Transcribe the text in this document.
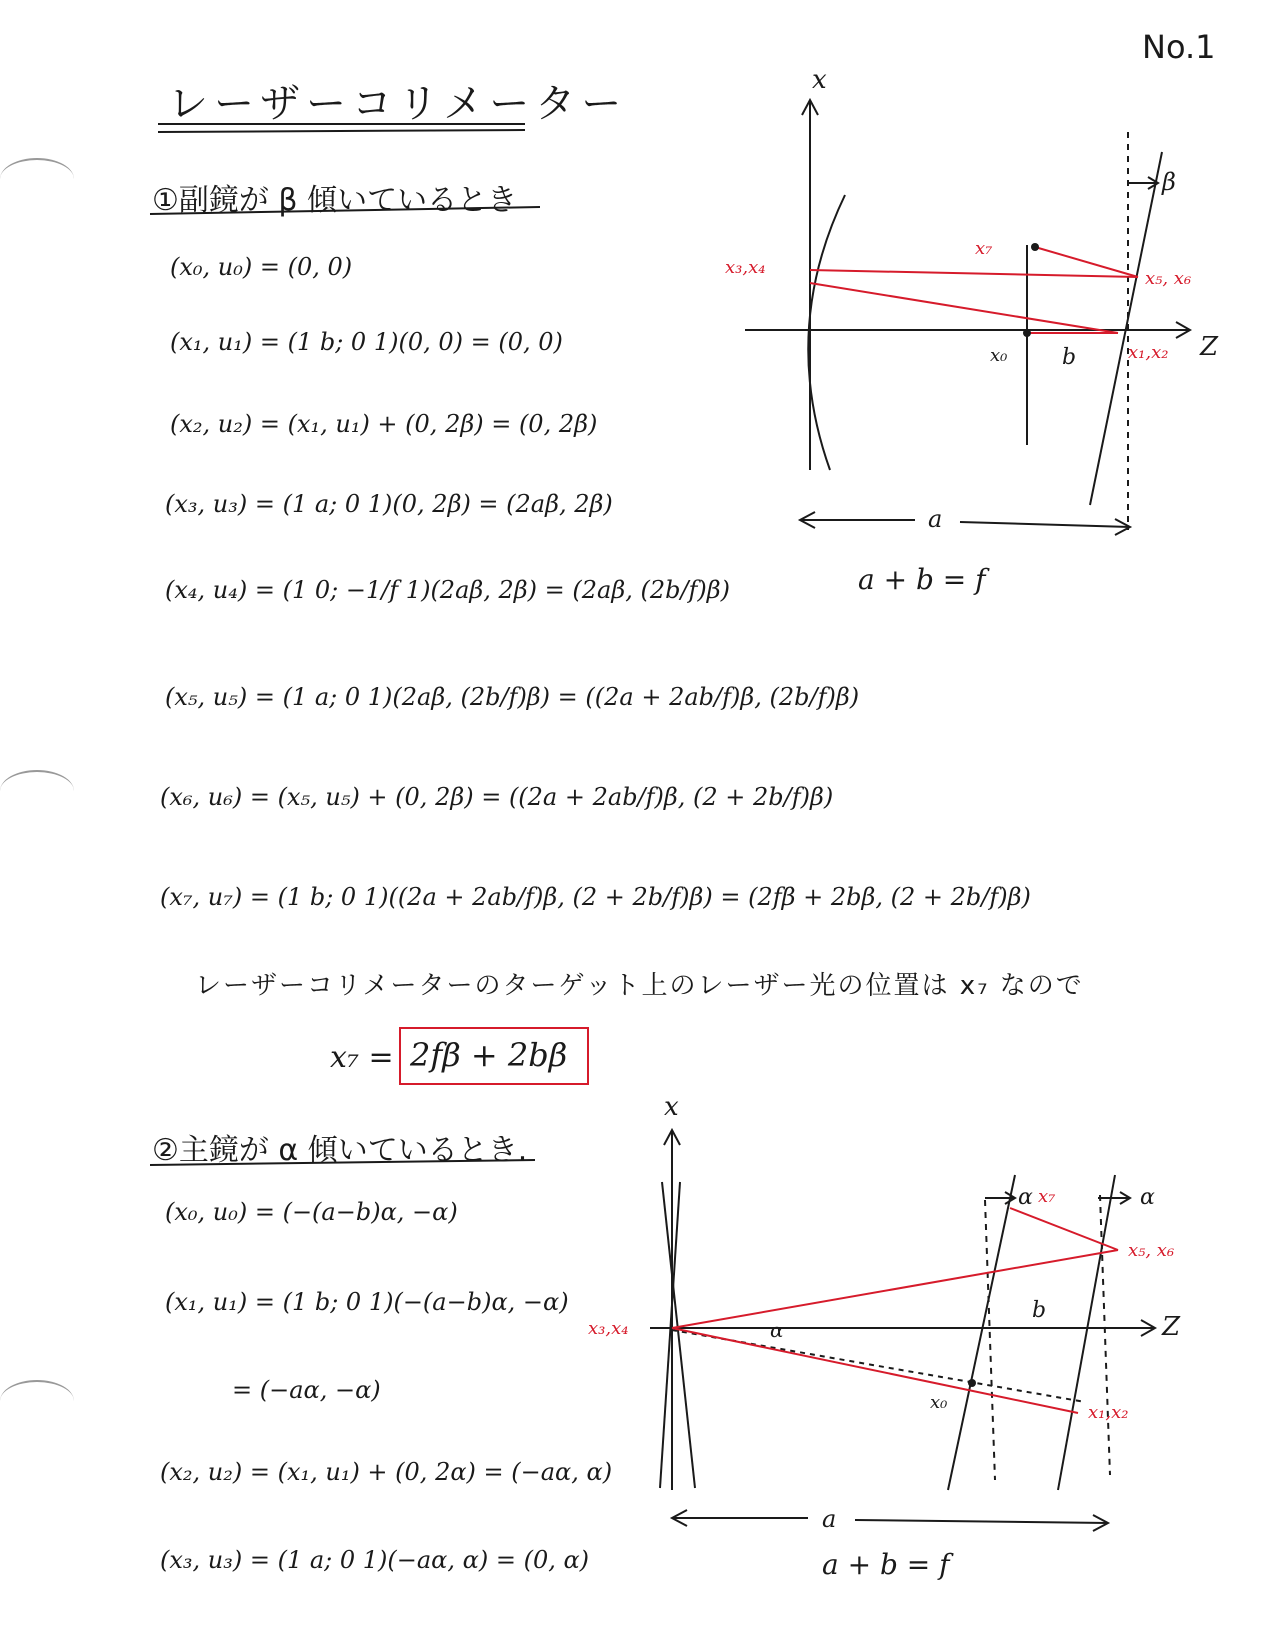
No.1
レーザーコリメーター
①副鏡が β 傾いているとき
(x₀, u₀) = (0, 0)
(x₁, u₁) = (1 b; 0 1)(0, 0) = (0, 0)
(x₂, u₂) = (x₁, u₁) + (0, 2β) = (0, 2β)
(x₃, u₃) = (1 a; 0 1)(0, 2β) = (2aβ, 2β)
(x₄, u₄) = (1 0; −1/f 1)(2aβ, 2β) = (2aβ, (2b/f)β)
(x₅, u₅) = (1 a; 0 1)(2aβ, (2b/f)β) = ((2a + 2ab/f)β, (2b/f)β)
(x₆, u₆) = (x₅, u₅) + (0, 2β) = ((2a + 2ab/f)β, (2 + 2b/f)β)
(x₇, u₇) = (1 b; 0 1)((2a + 2ab/f)β, (2 + 2b/f)β) = (2fβ + 2bβ, (2 + 2b/f)β)
レーザーコリメーターのターゲット上のレーザー光の位置は x₇ なので
x₇ = 2fβ + 2bβ
x
Z
β
x₃,x₄
x₅, x₆
x₁,x₂
x₇
x₀ b
a
a + b = f
②主鏡が α 傾いているとき.
(x₀, u₀) = (−(a−b)α, −α)
(x₁, u₁) = (1 b; 0 1)(−(a−b)α, −α)
= (−aα, −α)
(x₂, u₂) = (x₁, u₁) + (0, 2α) = (−aα, α)
(x₃, u₃) = (1 a; 0 1)(−aα, α) = (0, α)
x
Z
α	α
α
x₇
x₅, x₆
x₃,x₄
x₀	x₁,x₂
b
a
a + b = f
